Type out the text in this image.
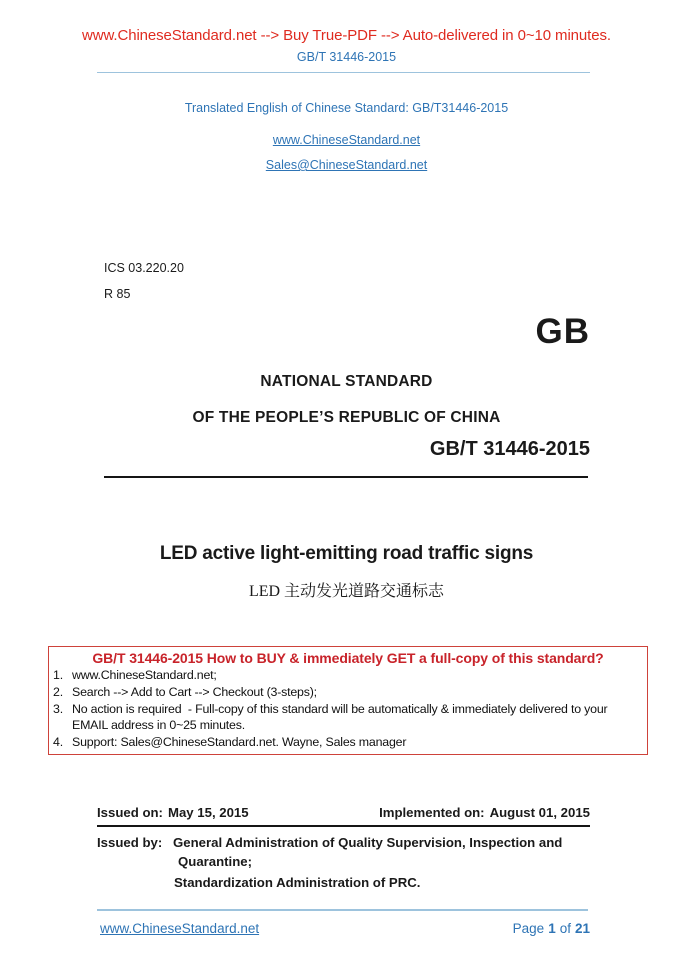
www.ChineseStandard.net --> Buy True-PDF --> Auto-delivered in 0~10 minutes.
GB/T 31446-2015
Translated English of Chinese Standard: GB/T31446-2015
www.ChineseStandard.net
Sales@ChineseStandard.net
ICS 03.220.20
R 85
GB
NATIONAL STANDARD
OF THE PEOPLE’S REPUBLIC OF CHINA
GB/T 31446-2015
LED active light-emitting road traffic signs
LED 主动发光道路交通标志
GB/T 31446-2015 How to BUY & immediately GET a full-copy of this standard?
1. www.ChineseStandard.net;
2. Search --> Add to Cart --> Checkout (3-steps);
3. No action is required  - Full-copy of this standard will be automatically & immediately delivered to your EMAIL address in 0~25 minutes.
4. Support: Sales@ChineseStandard.net. Wayne, Sales manager
Issued on: May 15, 2015	Implemented on: August 01, 2015
Issued by: General Administration of Quality Supervision, Inspection and
Quarantine;
Standardization Administration of PRC.
www.ChineseStandard.net	Page 1 of 21
